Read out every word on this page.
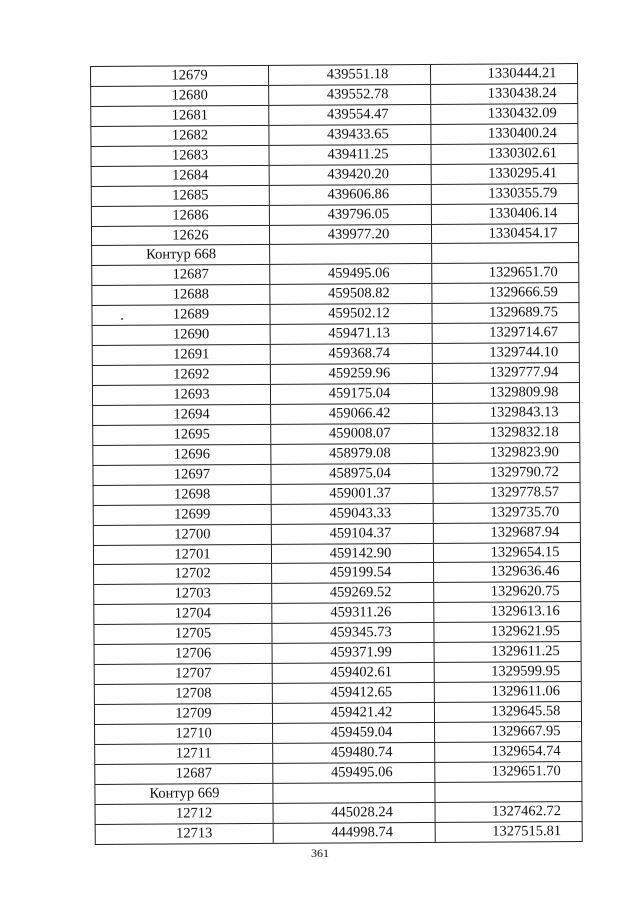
12679	439551.18	1330444.21
12680	439552.78	1330438.24
12681	439554.47	1330432.09
12682	439433.65	1330400.24
12683	439411.25	1330302.61
12684	439420.20	1330295.41
12685	439606.86	1330355.79
12686	439796.05	1330406.14
12626	439977.20	1330454.17
Контур 668
12687	459495.06	1329651.70
12688	459508.82	1329666.59
12689	459502.12	1329689.75
12690	459471.13	1329714.67
12691	459368.74	1329744.10
12692	459259.96	1329777.94
12693	459175.04	1329809.98
12694	459066.42	1329843.13
12695	459008.07	1329832.18
12696	458979.08	1329823.90
12697	458975.04	1329790.72
12698	459001.37	1329778.57
12699	459043.33	1329735.70
12700	459104.37	1329687.94
12701	459142.90	1329654.15
12702	459199.54	1329636.46
12703	459269.52	1329620.75
12704	459311.26	1329613.16
12705	459345.73	1329621.95
12706	459371.99	1329611.25
12707	459402.61	1329599.95
12708	459412.65	1329611.06
12709	459421.42	1329645.58
12710	459459.04	1329667.95
12711	459480.74	1329654.74
12687	459495.06	1329651.70
Контур 669
12712	445028.24	1327462.72
12713	444998.74	1327515.81
361
